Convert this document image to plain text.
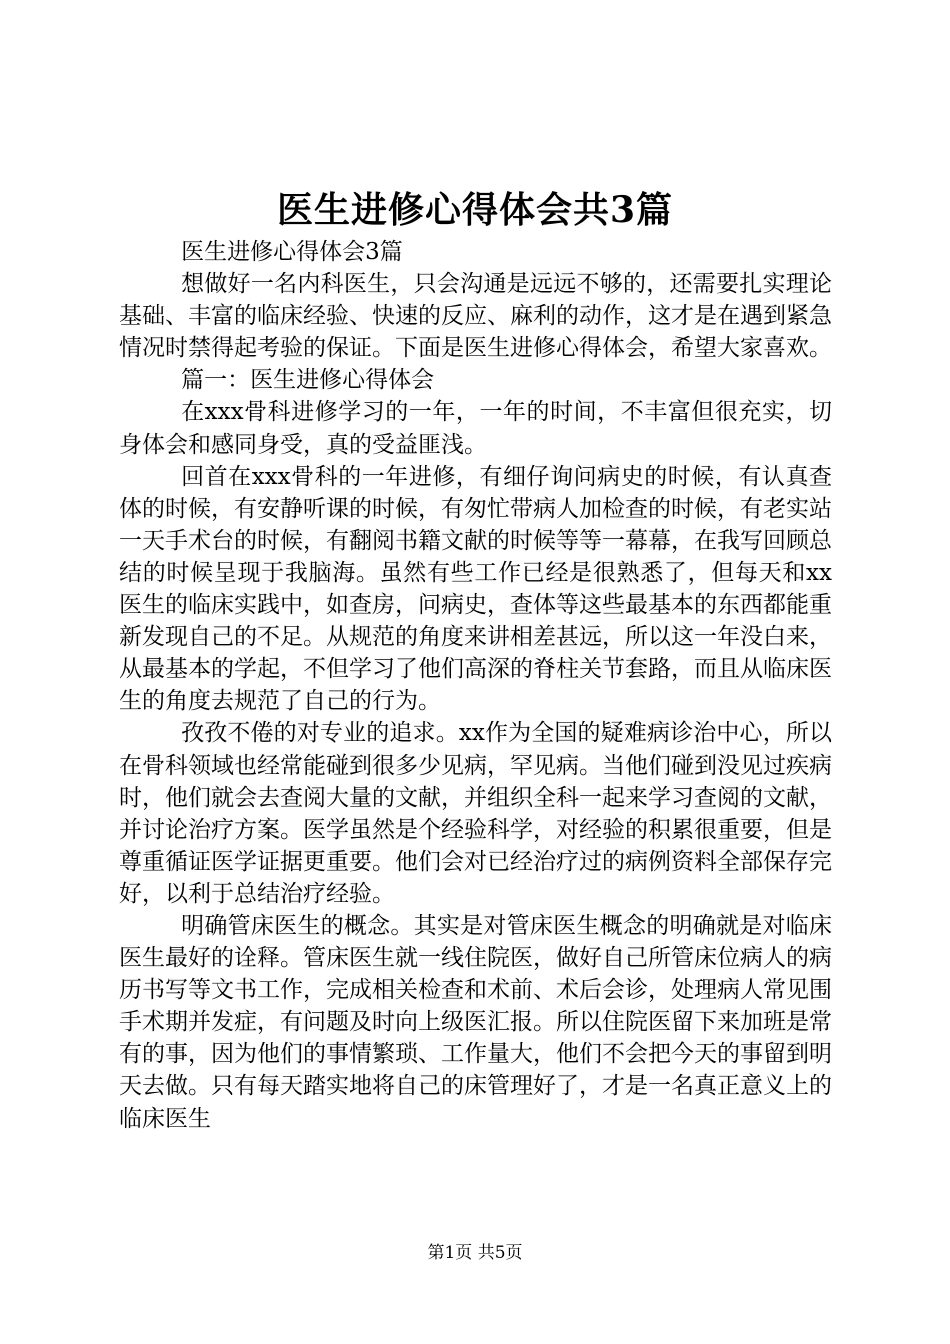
医生进修心得体会共3篇

医生进修心得体会3篇

想做好一名内科医生，只会沟通是远远不够的，还需要扎实理论基础、丰富的临床经验、快速的反应、麻利的动作，这才是在遇到紧急情况时禁得起考验的保证。下面是医生进修心得体会，希望大家喜欢。

篇一：医生进修心得体会

在xxx骨科进修学习的一年，一年的时间，不丰富但很充实，切身体会和感同身受，真的受益匪浅。

回首在xxx骨科的一年进修，有细仔询问病史的时候，有认真查体的时候，有安静听课的时候，有匆忙带病人加检查的时候，有老实站一天手术台的时候，有翻阅书籍文献的时候等等一幕幕，在我写回顾总结的时候呈现于我脑海。虽然有些工作已经是很熟悉了，但每天和xx医生的临床实践中，如查房，问病史，查体等这些最基本的东西都能重新发现自己的不足。从规范的角度来讲相差甚远，所以这一年没白来，从最基本的学起，不但学习了他们高深的脊柱关节套路，而且从临床医生的角度去规范了自己的行为。

孜孜不倦的对专业的追求。xx作为全国的疑难病诊治中心，所以在骨科领域也经常能碰到很多少见病，罕见病。当他们碰到没见过疾病时，他们就会去查阅大量的文献，并组织全科一起来学习查阅的文献，并讨论治疗方案。医学虽然是个经验科学，对经验的积累很重要，但是尊重循证医学证据更重要。他们会对已经治疗过的病例资料全部保存完好，以利于总结治疗经验。

明确管床医生的概念。其实是对管床医生概念的明确就是对临床医生最好的诠释。管床医生就一线住院医，做好自己所管床位病人的病历书写等文书工作，完成相关检查和术前、术后会诊，处理病人常见围手术期并发症，有问题及时向上级医汇报。所以住院医留下来加班是常有的事，因为他们的事情繁琐、工作量大，他们不会把今天的事留到明天去做。只有每天踏实地将自己的床管理好了，才是一名真正意义上的临床医生

第1页 共5页
